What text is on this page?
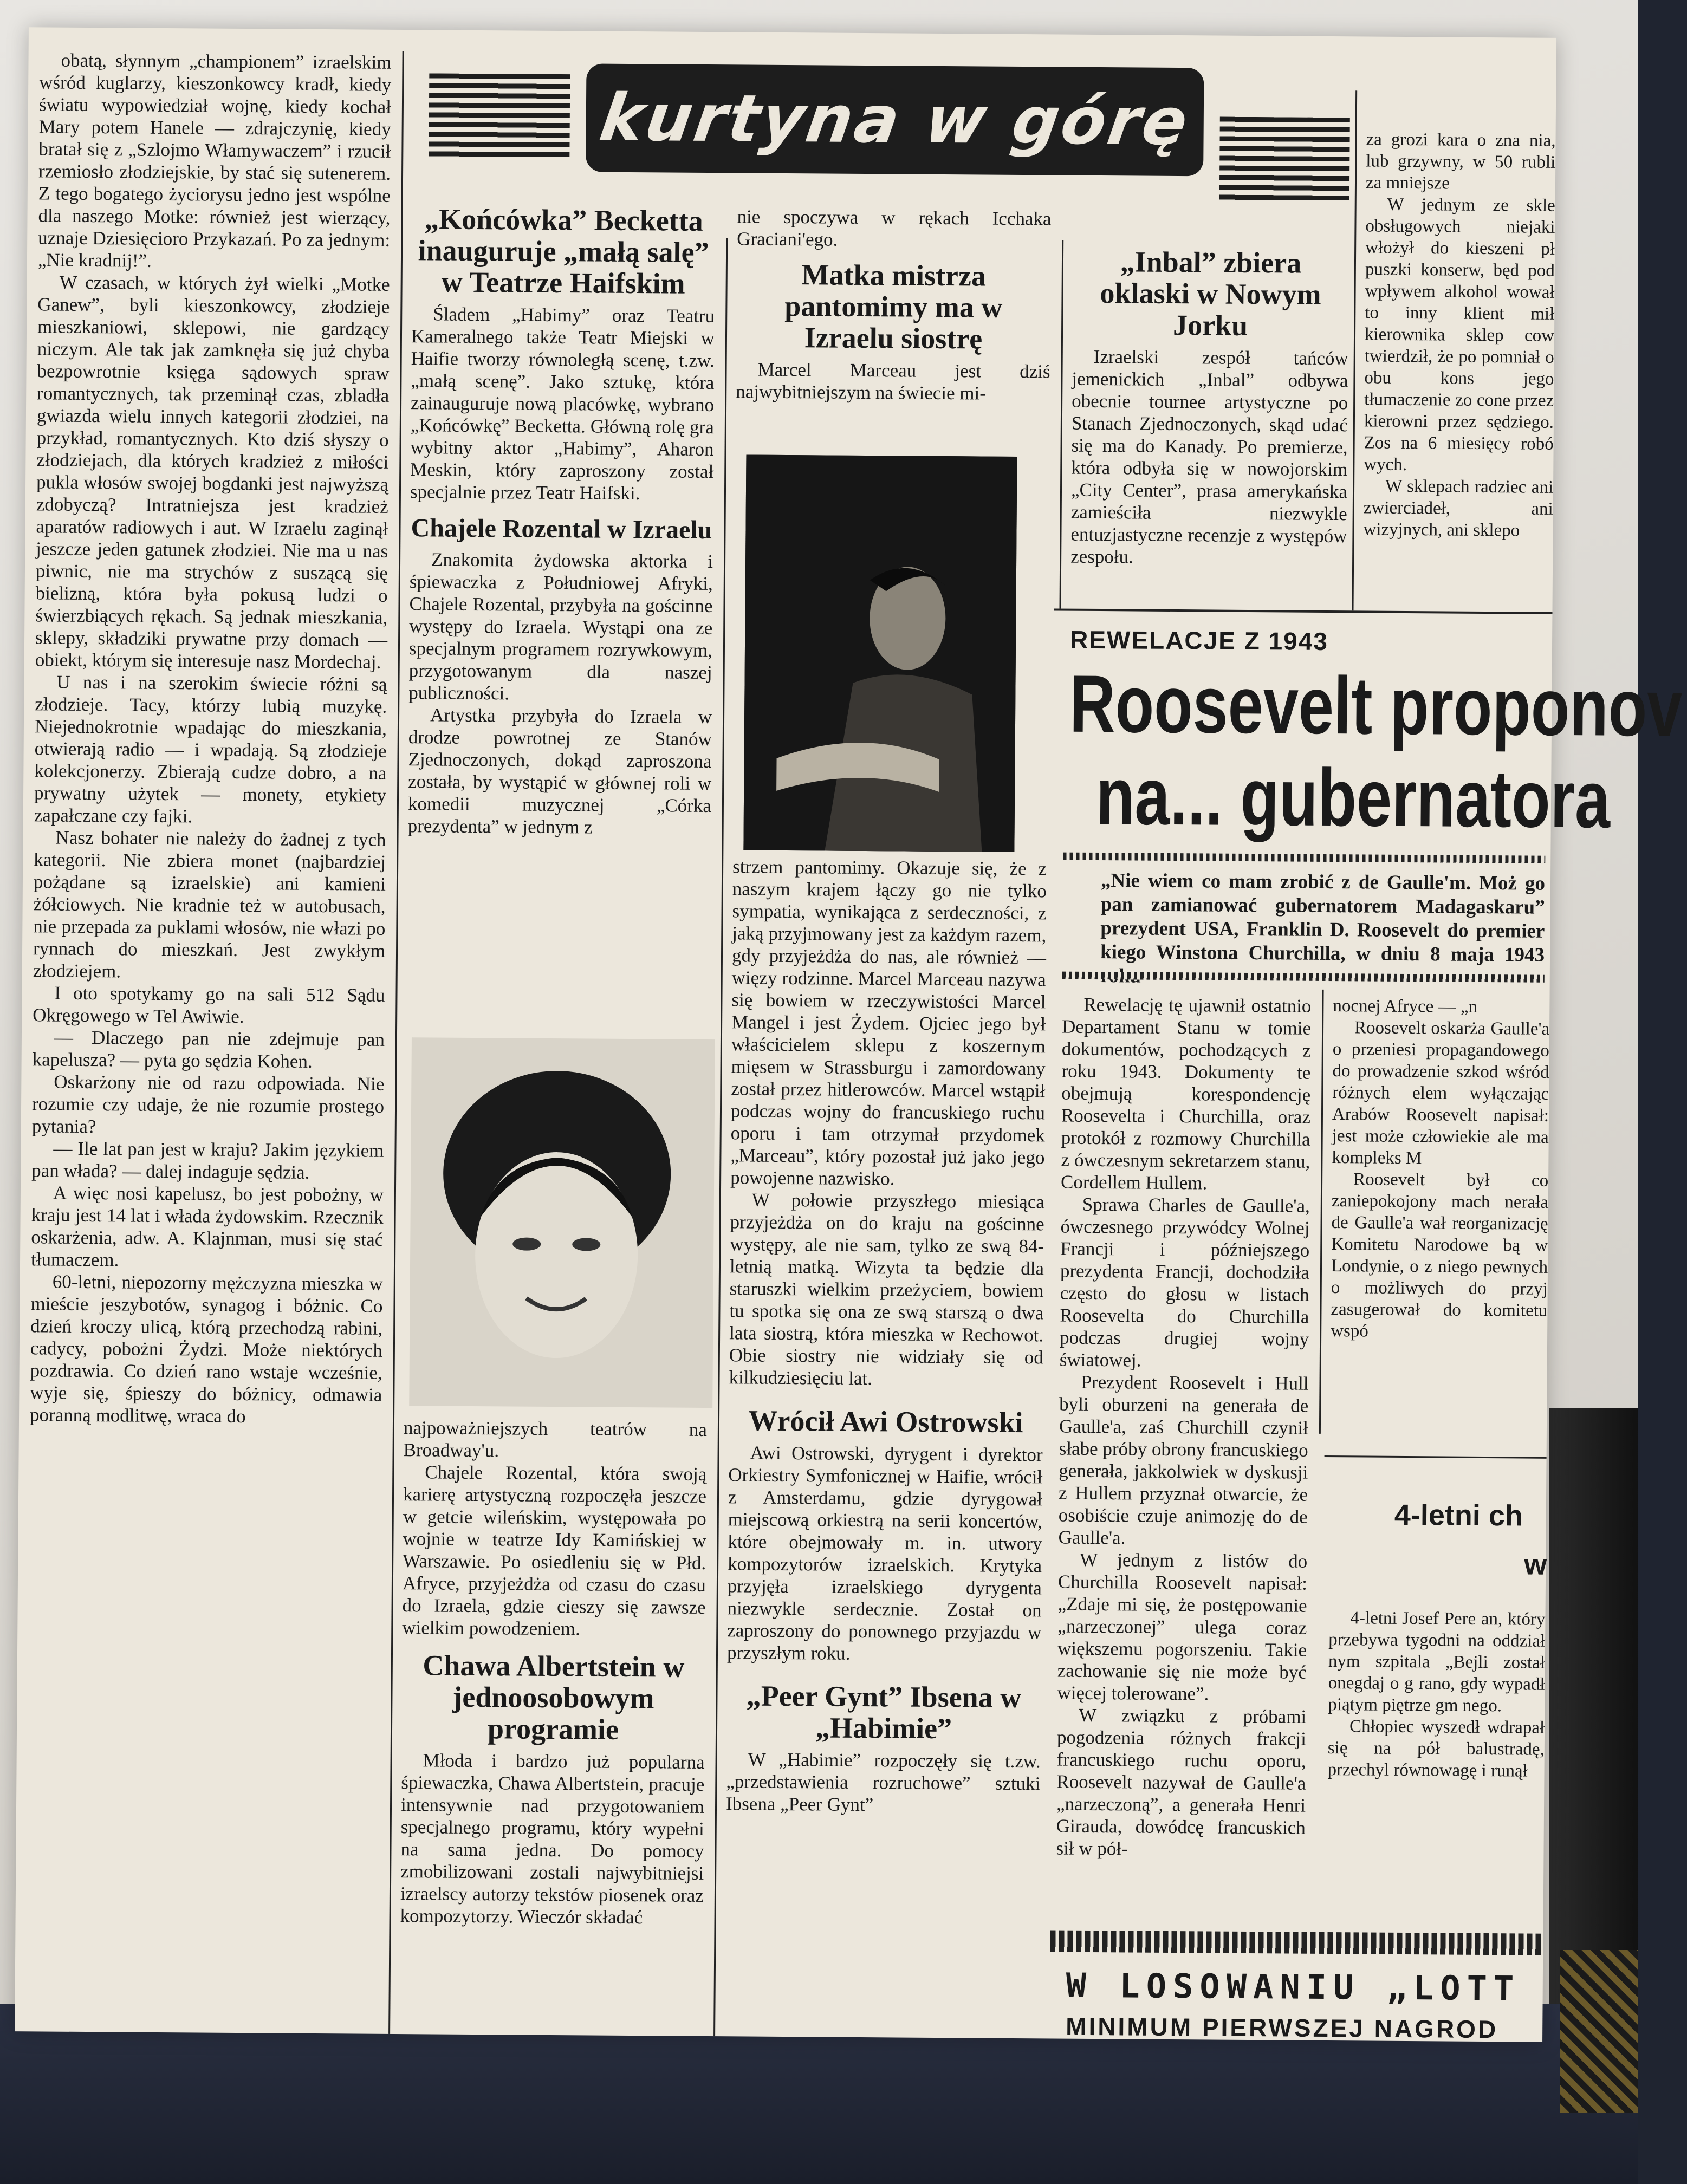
kurtyna w górę

obatą, słynnym „championem” izraelskim wśród kuglarzy, kieszonkowcy kradł, kiedy światu wypowiedział wojnę, kiedy kochał Mary potem Hanele — zdrajczynię, kiedy bratał się z „Szlojmo Włamywaczem” i rzucił rzemiosło złodziejskie, by stać się sutenerem. Z tego bogatego życiorysu jedno jest wspólne dla naszego Motke: również jest wierzący, uznaje Dziesięcioro Przykazań. Po za jednym: „Nie kradnij!”.

W czasach, w których żył wielki „Motke Ganew”, byli kieszonkowcy, złodzieje mieszkaniowi, sklepowi, nie gardzący niczym. Ale tak jak zamknęła się już chyba bezpowrotnie księga sądowych spraw romantycznych, tak przeminął czas, zbladła gwiazda wielu innych kategorii złodziei, na przykład, romantycznych. Kto dziś słyszy o złodziejach, dla których kradzież z miłości pukla włosów swojej bogdanki jest najwyższą zdobyczą? Intratniejsza jest kradzież aparatów radiowych i aut. W Izraelu zaginął jeszcze jeden gatunek złodziei. Nie ma u nas piwnic, nie ma strychów z suszącą się bielizną, która była pokusą ludzi o świerzbiących rękach. Są jednak mieszkania, sklepy, składziki prywatne przy domach — obiekt, którym się interesuje nasz Mordechaj.

U nas i na szerokim świecie różni są złodzieje. Tacy, którzy lubią muzykę. Niejednokrotnie wpadając do mieszkania, otwierają radio — i wpadają. Są złodzieje kolekcjonerzy. Zbierają cudze dobro, a na prywatny użytek — monety, etykiety zapałczane czy fajki.

Nasz bohater nie należy do żadnej z tych kategorii. Nie zbiera monet (najbardziej pożądane są izraelskie) ani kamieni żółciowych. Nie kradnie też w autobusach, nie przepada za puklami włosów, nie włazi po rynnach do mieszkań. Jest zwykłym złodziejem.

I oto spotykamy go na sali 512 Sądu Okręgowego w Tel Awiwie.

— Dlaczego pan nie zdejmuje pan kapelusza? — pyta go sędzia Kohen.

Oskarżony nie od razu odpowiada. Nie rozumie czy udaje, że nie rozumie prostego pytania?

— Ile lat pan jest w kraju? Jakim językiem pan włada? — dalej indaguje sędzia.

A więc nosi kapelusz, bo jest pobożny, w kraju jest 14 lat i włada żydowskim. Rzecznik oskarżenia, adw. A. Klajnman, musi się stać tłumaczem.

60-letni, niepozorny mężczyzna mieszka w mieście jeszybotów, synagog i bóżnic. Co dzień kroczy ulicą, którą przechodzą rabini, cadycy, pobożni Żydzi. Może niektórych pozdrawia. Co dzień rano wstaje wcześnie, wyje się, śpieszy do bóżnicy, odmawia poranną modlitwę, wraca do

„Końcówka” Becketta inauguruje „małą salę” w Teatrze Haifskim

Śladem „Habimy” oraz Teatru Kameralnego także Teatr Miejski w Haifie tworzy równoległą scenę, t.zw. „małą scenę”. Jako sztukę, która zainauguruje nową placówkę, wybrano „Końcówkę” Becketta. Główną rolę gra wybitny aktor „Habimy”, Aharon Meskin, który zaproszony został specjalnie przez Teatr Haifski.

Chajele Rozental w Izraelu

Znakomita żydowska aktorka i śpiewaczka z Południowej Afryki, Chajele Rozental, przybyła na gościnne występy do Izraela. Wystąpi ona ze specjalnym programem rozrywkowym, przygotowanym dla naszej publiczności.

Artystka przybyła do Izraela w drodze powrotnej ze Stanów Zjednoczonych, dokąd zaproszona została, by wystąpić w głównej roli w komedii muzycznej „Córka prezydenta” w jednym z

najpoważniejszych teatrów na Broadway'u.

Chajele Rozental, która swoją karierę artystyczną rozpoczęła jeszcze w getcie wileńskim, występowała po wojnie w teatrze Idy Kamińskiej w Warszawie. Po osiedleniu się w Płd. Afryce, przyjeżdża od czasu do czasu do Izraela, gdzie cieszy się zawsze wielkim powodzeniem.

Chawa Albertstein w jednoosobowym programie

Młoda i bardzo już popularna śpiewaczka, Chawa Albertstein, pracuje intensywnie nad przygotowaniem specjalnego programu, który wypełni na sama jedna. Do pomocy zmobilizowani zostali najwybitniejsi izraelscy autorzy tekstów piosenek oraz kompozytorzy. Wieczór składać

nie spoczywa w rękach Icchaka Graciani'ego.

Matka mistrza pantomimy ma w Izraelu siostrę

Marcel Marceau jest dziś najwybitniejszym na świecie mi-

strzem pantomimy. Okazuje się, że z naszym krajem łączy go nie tylko sympatia, wynikająca z serdeczności, z jaką przyjmowany jest za każdym razem, gdy przyjeżdża do nas, ale również — więzy rodzinne. Marcel Marceau nazywa się bowiem w rzeczywistości Marcel Mangel i jest Żydem. Ojciec jego był właścicielem sklepu z koszernym mięsem w Strassburgu i zamordowany został przez hitlerowców. Marcel wstąpił podczas wojny do francuskiego ruchu oporu i tam otrzymał przydomek „Marceau”, który pozostał już jako jego powojenne nazwisko.

W połowie przyszłego miesiąca przyjeżdża on do kraju na gościnne występy, ale nie sam, tylko ze swą 84-letnią matką. Wizyta ta będzie dla staruszki wielkim przeżyciem, bowiem tu spotka się ona ze swą starszą o dwa lata siostrą, która mieszka w Rechowot. Obie siostry nie widziały się od kilkudziesięciu lat.

Wrócił Awi Ostrowski

Awi Ostrowski, dyrygent i dyrektor Orkiestry Symfonicznej w Haifie, wrócił z Amsterdamu, gdzie dyrygował miejscową orkiestrą na serii koncertów, które obejmowały m. in. utwory kompozytorów izraelskich. Krytyka przyjęła izraelskiego dyrygenta niezwykle serdecznie. Został on zaproszony do ponownego przyjazdu w przyszłym roku.

„Peer Gynt” Ibsena w „Habimie”

W „Habimie” rozpoczęły się t.zw. „przedstawienia rozruchowe” sztuki Ibsena „Peer Gynt”

„Inbal” zbiera oklaski w Nowym Jorku

Izraelski zespół tańców jemenickich „Inbal” odbywa obecnie tournee artystyczne po Stanach Zjednoczonych, skąd udać się ma do Kanady. Po premierze, która odbyła się w nowojorskim „City Center”, prasa amerykańska zamieściła niezwykle entuzjastyczne recenzje z występów zespołu.

za grozi kara o zna nia, lub grzywny, w 50 rubli za mniejsze

W jednym ze skle obsługowych niejaki włożył do kieszeni pł puszki konserw, będ pod wpływem alkohol wował to inny klient mił kierownika sklep cow twierdził, że po pomniał o obu kons jego tłumaczenie zo cone przez kierowni przez sędziego. Zos na 6 miesięcy robó wych.

W sklepach radziec ani zwierciadeł, ani wizyjnych, ani sklepo

REWELACJE Z 1943
Roosevelt proponov
na... gubernatora
„Nie wiem co mam zrobić z de Gaulle'm. Moż go pan zamianować gubernatorem Madagaskaru” prezydent USA, Franklin D. Roosevelt do premier kiego Winstona Churchilla, w dniu 8 maja 1943

Rewelację tę ujawnił ostatnio Departament Stanu w tomie dokumentów, pochodzących z roku 1943. Dokumenty te obejmują korespondencję Roosevelta i Churchilla, oraz protokół z rozmowy Churchilla z ówczesnym sekretarzem stanu, Cordellem Hullem.

Sprawa Charles de Gaulle'a, ówczesnego przywódcy Wolnej Francji i późniejszego prezydenta Francji, dochodziła często do głosu w listach Roosevelta do Churchilla podczas drugiej wojny światowej.

Prezydent Roosevelt i Hull byli oburzeni na generała de Gaulle'a, zaś Churchill czynił słabe próby obrony francuskiego generała, jakkolwiek w dyskusji z Hullem przyznał otwarcie, że osobiście czuje animozję do de Gaulle'a.

W jednym z listów do Churchilla Roosevelt napisał: „Zdaje mi się, że postępowanie „narzeczonej” ulega coraz większemu pogorszeniu. Takie zachowanie się nie może być więcej tolerowane”.

W związku z próbami pogodzenia różnych frakcji francuskiego ruchu oporu, Roosevelt nazywał de Gaulle'a „narzeczoną”, a generała Henri Girauda, dowódcę francuskich sił w pół-

nocnej Afryce — „n

Roosevelt oskarża Gaulle'a o przeniesi propagandowego do prowadzenie szkod wśród różnych elem wyłączając Arabów Roosevelt napisał: jest może człowiekie ale ma kompleks M

Roosevelt był co zaniepokojony mach nerała de Gaulle'a wał reorganizację Komitetu Narodowe bą w Londynie, o z niego pewnych o możliwych do przyj zasugerował do komitetu wspó

4-letni ch
w

4-letni Josef Pere an, który przebywa tygodni na oddział nym szpitala „Bejli został onegdaj o g rano, gdy wypadł piątym piętrze gm nego.

Chłopiec wyszedł wdrapał się na pół balustradę, przechyl równowagę i runął

W LOSOWANIU „LOTT
MINIMUM PIERWSZEJ NAGROD
